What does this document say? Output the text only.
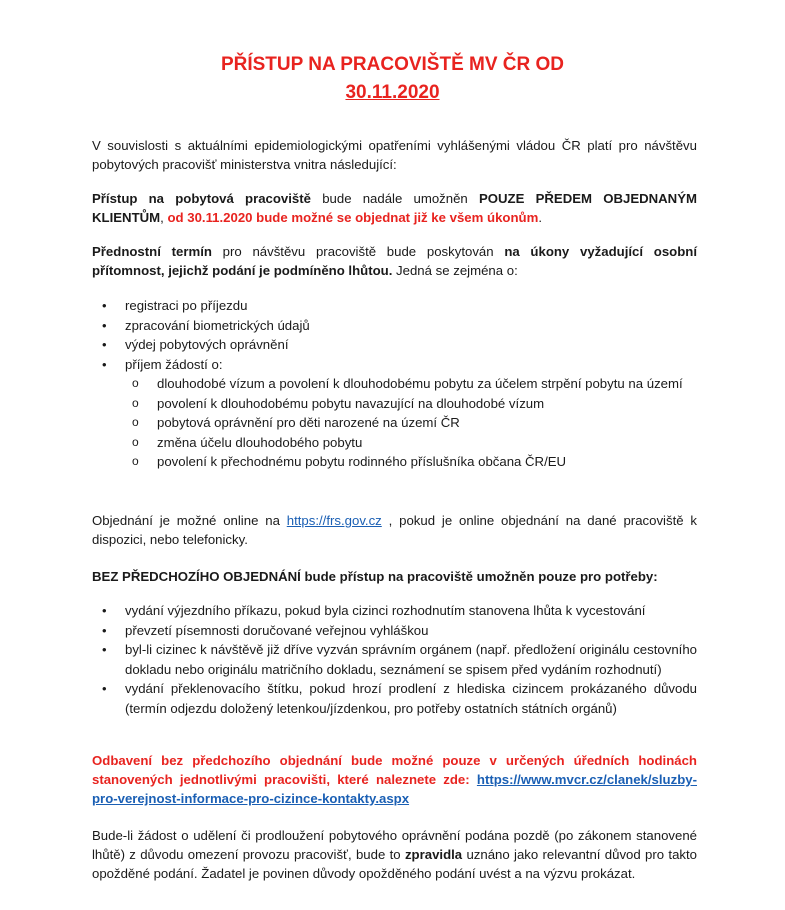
PŘÍSTUP NA PRACOVIŠTĚ MV ČR OD
30.11.2020
V souvislosti s aktuálními epidemiologickými opatřeními vyhlášenými vládou ČR platí pro návštěvu pobytových pracovišť ministerstva vnitra následující:
Přístup na pobytová pracoviště bude nadále umožněn POUZE PŘEDEM OBJEDNANÝM KLIENTŮM, od 30.11.2020 bude možné se objednat již ke všem úkonům.
Přednostní termín pro návštěvu pracoviště bude poskytován na úkony vyžadující osobní přítomnost, jejichž podání je podmíněno lhůtou. Jedná se zejména o:
• registraci po příjezdu
• zpracování biometrických údajů
• výdej pobytových oprávnění
• příjem žádostí o:
o dlouhodobé vízum a povolení k dlouhodobému pobytu za účelem strpění pobytu na území
o povolení k dlouhodobému pobytu navazující na dlouhodobé vízum
o pobytová oprávnění pro děti narozené na území ČR
o změna účelu dlouhodobého pobytu
o povolení k přechodnému pobytu rodinného příslušníka občana ČR/EU
Objednání je možné online na https://frs.gov.cz , pokud je online objednání na dané pracoviště k dispozici, nebo telefonicky.
BEZ PŘEDCHOZÍHO OBJEDNÁNÍ bude přístup na pracoviště umožněn pouze pro potřeby:
• vydání výjezdního příkazu, pokud byla cizinci rozhodnutím stanovena lhůta k vycestování
• převzetí písemnosti doručované veřejnou vyhláškou
• byl-li cizinec k návštěvě již dříve vyzván správním orgánem (např. předložení originálu cestovního dokladu nebo originálu matričního dokladu, seznámení se spisem před vydáním rozhodnutí)
• vydání překlenovacího štítku, pokud hrozí prodlení z hlediska cizincem prokázaného důvodu (termín odjezdu doložený letenkou/jízdenkou, pro potřeby ostatních státních orgánů)
Odbavení bez předchozího objednání bude možné pouze v určených úředních hodinách stanovených jednotlivými pracovišti, které naleznete zde: https://www.mvcr.cz/clanek/sluzby-pro-verejnost-informace-pro-cizince-kontakty.aspx
Bude-li žádost o udělení či prodloužení pobytového oprávnění podána pozdě (po zákonem stanovené lhůtě) z důvodu omezení provozu pracovišť, bude to zpravidla uznáno jako relevantní důvod pro takto opožděné podání. Žadatel je povinen důvody opožděného podání uvést a na výzvu prokázat.
